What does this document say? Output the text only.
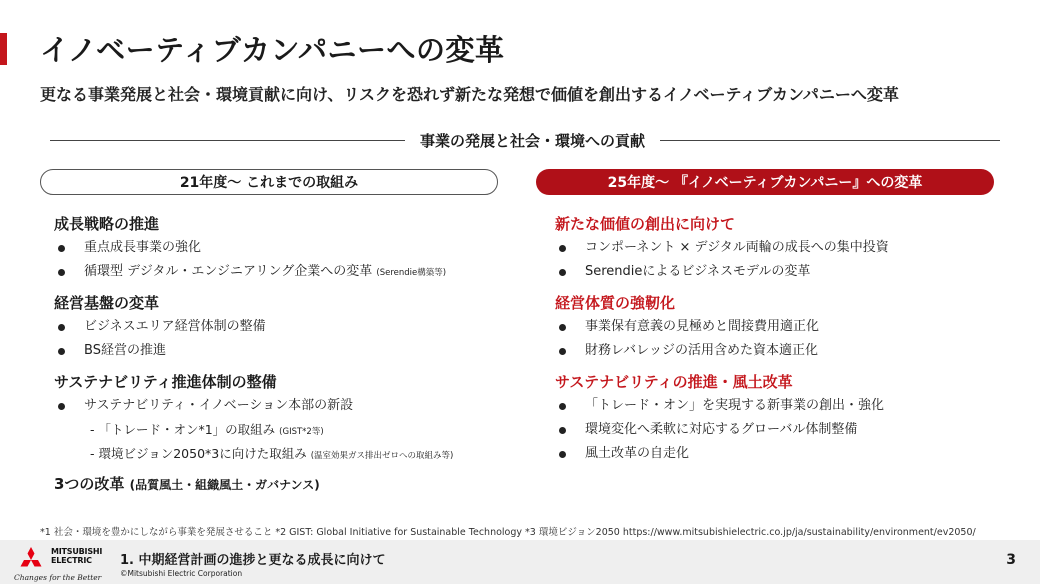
イノベーティブカンパニーへの変革
更なる事業発展と社会・環境貢献に向け、リスクを恐れず新たな発想で価値を創出するイノベーティブカンパニーへ変革
事業の発展と社会・環境への貢献
21年度〜 これまでの取組み	25年度〜 『イノベーティブカンパニー』への変革
成長戦略の推進
重点成長事業の強化
循環型 デジタル・エンジニアリング企業への変革 (Serendie構築等)
経営基盤の変革
ビジネスエリア経営体制の整備
BS経営の推進
サステナビリティ推進体制の整備
サステナビリティ・イノベーション本部の新設
- 「トレード・オン*1」の取組み (GIST*2等)
- 環境ビジョン2050*3に向けた取組み (温室効果ガス排出ゼロへの取組み等)
3つの改革 (品質風土・組織風土・ガバナンス)
新たな価値の創出に向けて
コンポーネント × デジタル両輪の成長への集中投資
Serendieによるビジネスモデルの変革
経営体質の強靭化
事業保有意義の見極めと間接費用適正化
財務レバレッジの活用含めた資本適正化
サステナビリティの推進・風土改革
「トレード・オン」を実現する新事業の創出・強化
環境変化へ柔軟に対応するグローバル体制整備
風土改革の自走化
*1 社会・環境を豊かにしながら事業を発展させること *2 GIST: Global Initiative for Sustainable Technology *3 環境ビジョン2050 https://www.mitsubishielectric.co.jp/ja/sustainability/environment/ev2050/
MITSUBISHI
ELECTRIC
Changes for the Better
1. 中期経営計画の進捗と更なる成長に向けて
©Mitsubishi Electric Corporation
3
